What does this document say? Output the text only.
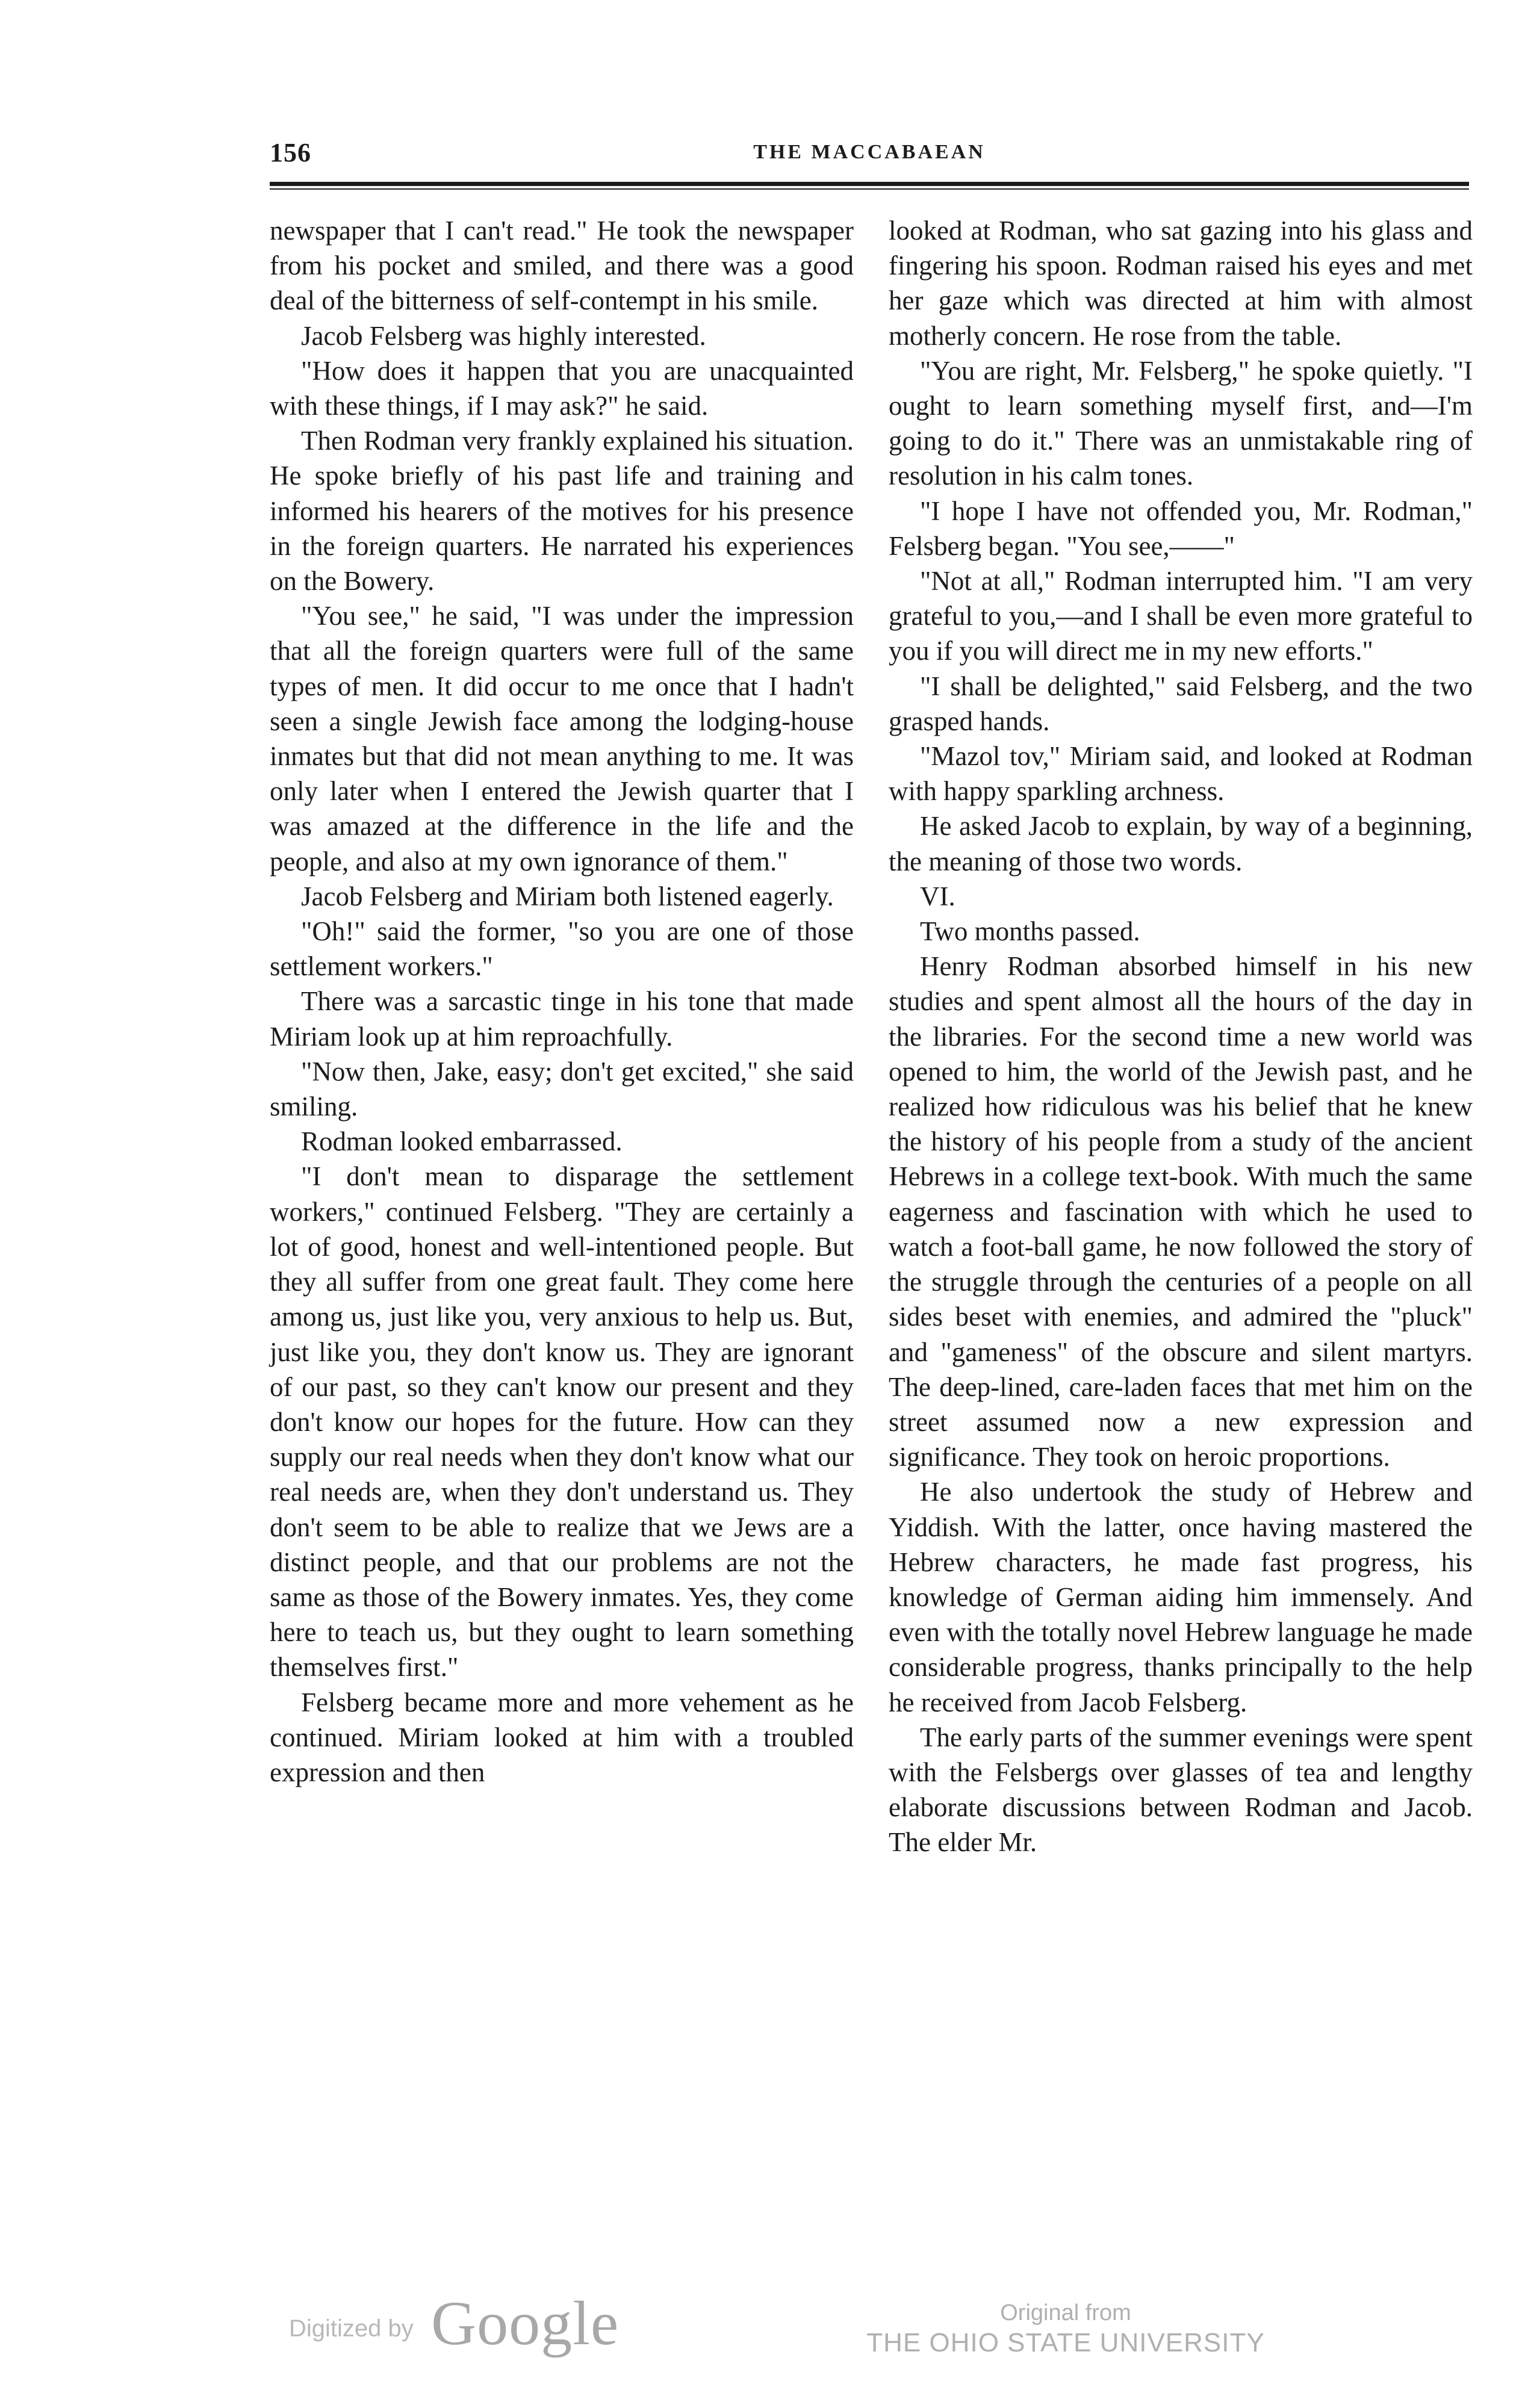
156	THE MACCABAEAN

newspaper that I can't read." He took the newspaper from his pocket and smiled, and there was a good deal of the bitterness of self-contempt in his smile.

Jacob Felsberg was highly interested.

"How does it happen that you are unacquainted with these things, if I may ask?" he said.

Then Rodman very frankly explained his situation. He spoke briefly of his past life and training and informed his hearers of the motives for his presence in the foreign quarters. He narrated his experiences on the Bowery.

"You see," he said, "I was under the impression that all the foreign quarters were full of the same types of men. It did occur to me once that I hadn't seen a single Jewish face among the lodging-house inmates but that did not mean anything to me. It was only later when I entered the Jewish quarter that I was amazed at the difference in the life and the people, and also at my own ignorance of them."

Jacob Felsberg and Miriam both listened eagerly.

"Oh!" said the former, "so you are one of those settlement workers."

There was a sarcastic tinge in his tone that made Miriam look up at him reproachfully.

"Now then, Jake, easy; don't get excited," she said smiling.

Rodman looked embarrassed.

"I don't mean to disparage the settlement workers," continued Felsberg. "They are certainly a lot of good, honest and well-intentioned people. But they all suffer from one great fault. They come here among us, just like you, very anxious to help us. But, just like you, they don't know us. They are ignorant of our past, so they can't know our present and they don't know our hopes for the future. How can they supply our real needs when they don't know what our real needs are, when they don't understand us. They don't seem to be able to realize that we Jews are a distinct people, and that our problems are not the same as those of the Bowery inmates. Yes, they come here to teach us, but they ought to learn something themselves first."

Felsberg became more and more vehement as he continued. Miriam looked at him with a troubled expression and then

looked at Rodman, who sat gazing into his glass and fingering his spoon. Rodman raised his eyes and met her gaze which was directed at him with almost motherly concern. He rose from the table.

"You are right, Mr. Felsberg," he spoke quietly. "I ought to learn something myself first, and—I'm going to do it." There was an unmistakable ring of resolution in his calm tones.

"I hope I have not offended you, Mr. Rodman," Felsberg began. "You see,——"

"Not at all," Rodman interrupted him. "I am very grateful to you,—and I shall be even more grateful to you if you will direct me in my new efforts."

"I shall be delighted," said Felsberg, and the two grasped hands.

"Mazol tov," Miriam said, and looked at Rodman with happy sparkling archness.

He asked Jacob to explain, by way of a beginning, the meaning of those two words.

VI.

Two months passed.

Henry Rodman absorbed himself in his new studies and spent almost all the hours of the day in the libraries. For the second time a new world was opened to him, the world of the Jewish past, and he realized how ridiculous was his belief that he knew the history of his people from a study of the ancient Hebrews in a college text-book. With much the same eagerness and fascination with which he used to watch a foot-ball game, he now followed the story of the struggle through the centuries of a people on all sides beset with enemies, and admired the "pluck" and "gameness" of the obscure and silent martyrs. The deep-lined, care-laden faces that met him on the street assumed now a new expression and significance. They took on heroic proportions.

He also undertook the study of Hebrew and Yiddish. With the latter, once having mastered the Hebrew characters, he made fast progress, his knowledge of German aiding him immensely. And even with the totally novel Hebrew language he made considerable progress, thanks principally to the help he received from Jacob Felsberg.

The early parts of the summer evenings were spent with the Felsbergs over glasses of tea and lengthy elaborate discussions between Rodman and Jacob. The elder Mr.

Digitized by Google	Original from
THE OHIO STATE UNIVERSITY
